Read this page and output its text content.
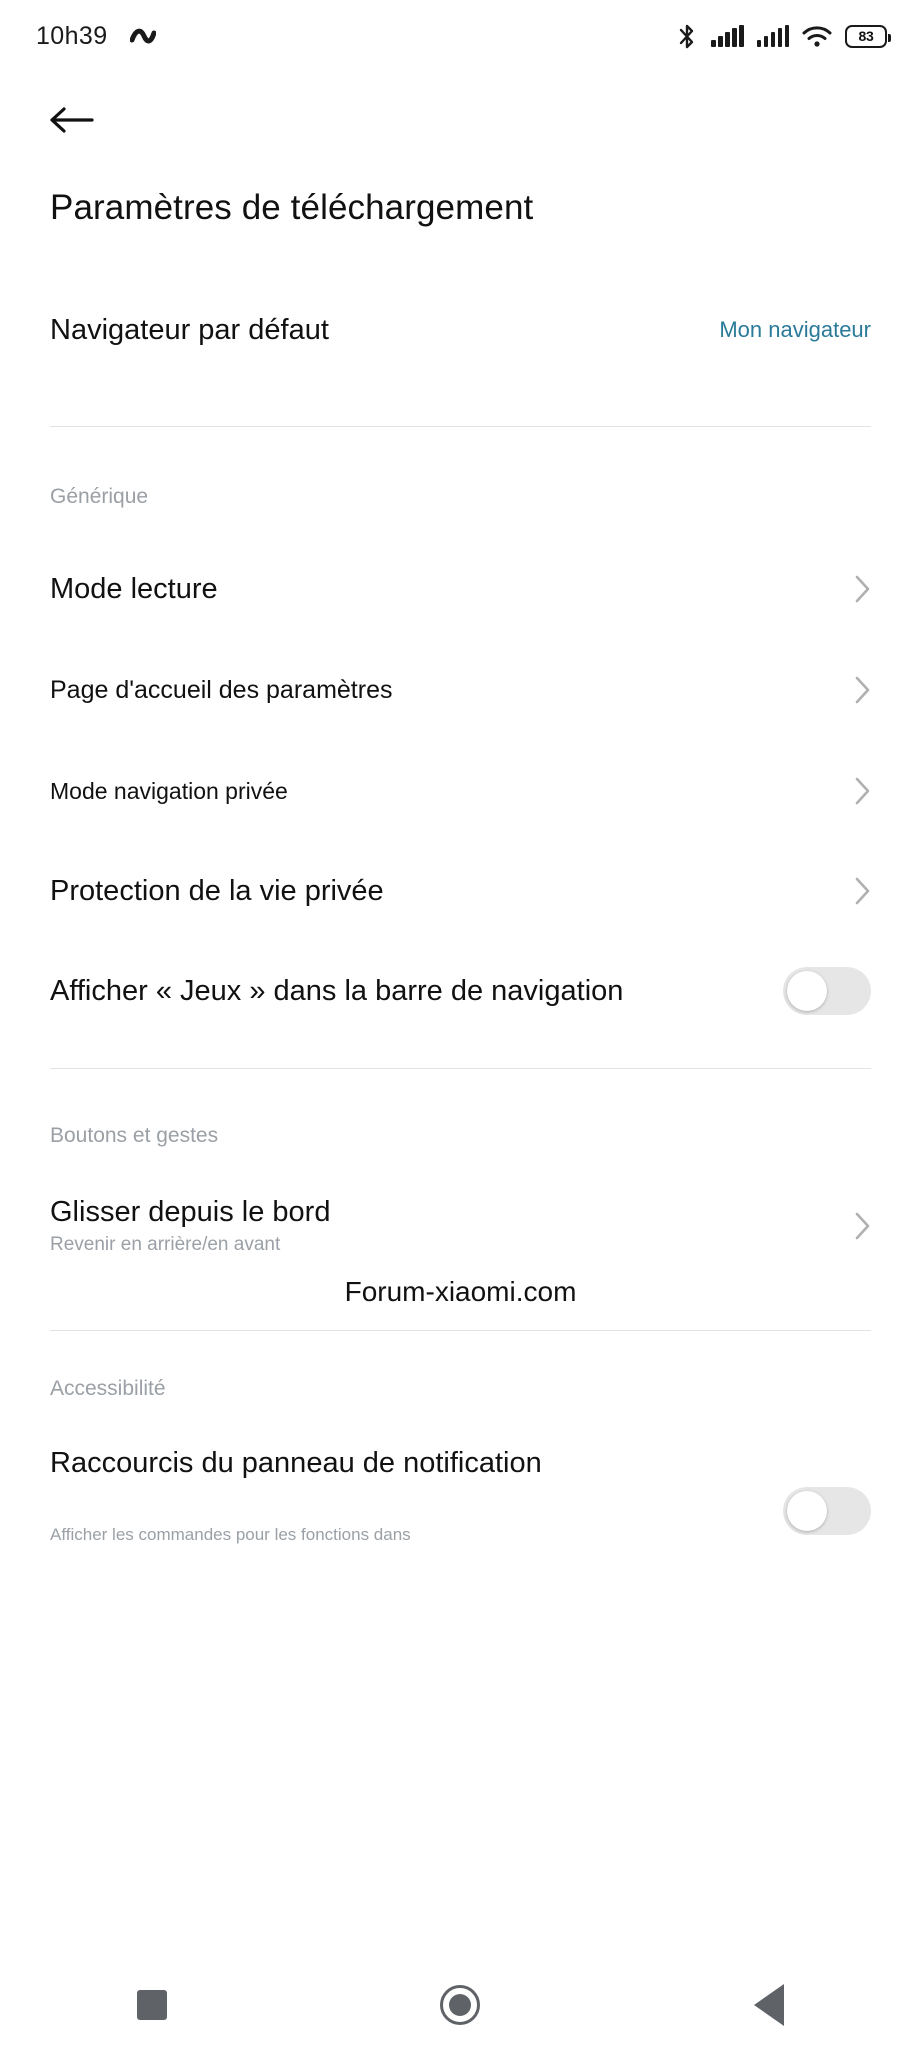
10h39	83
Paramètres de téléchargement
Navigateur par défaut	Mon navigateur
Générique
Mode lecture
Page d'accueil des paramètres
Mode navigation privée
Protection de la vie privée
Afficher « Jeux » dans la barre de navigation
Boutons et gestes
Glisser depuis le bord
Revenir en arrière/en avant
Forum-xiaomi.com
Accessibilité
Raccourcis du panneau de notification
Afficher les commandes pour les fonctions dans
